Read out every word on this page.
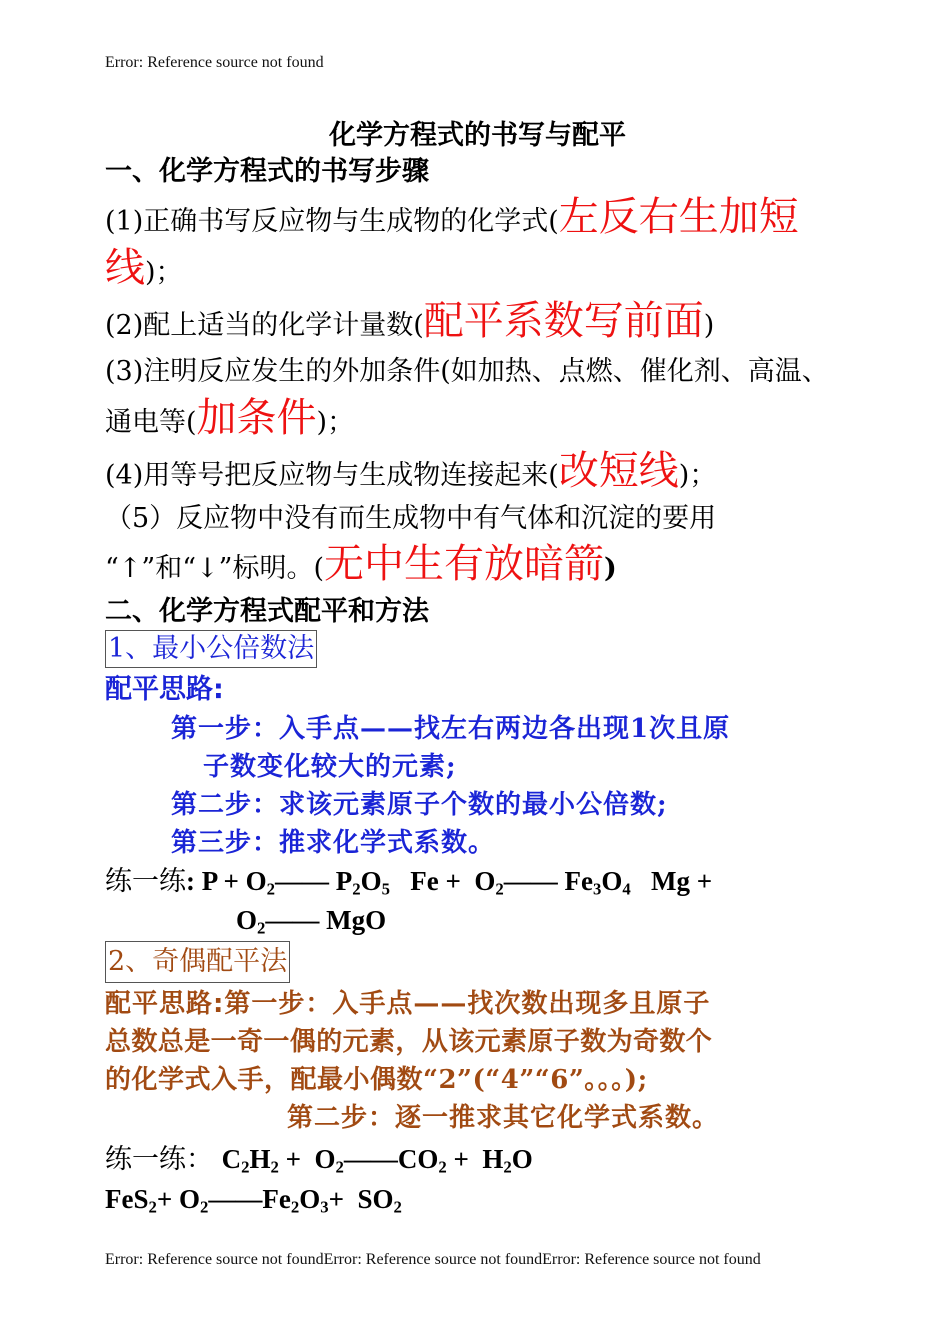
Error: Reference source not found
化学方程式的书写与配平
一、化学方程式的书写步骤
(1)正确书写反应物与生成物的化学式(左反右生加短线)；
(2)配上适当的化学计量数(配平系数写前面)
(3)注明反应发生的外加条件(如加热、点燃、催化剂、高温、通电等(加条件)；
(4)用等号把反应物与生成物连接起来(改短线)；
（5）反应物中没有而生成物中有气体和沉淀的要用
“↑”和“↓”标明。(无中生有放暗箭)
二、化学方程式配平和方法
1、最小公倍数法
配平思路:
第一步：入手点——找左右两边各出现1次且原
子数变化较大的元素;
第二步：求该元素原子个数的最小公倍数;
第三步：推求化学式系数。
练一练: $P + O_2——$ $P_2O_5$   $Fe + O_2——$ $Fe_3O_4$   Mg +
$O_2——$ MgO
2、奇偶配平法
配平思路:第一步：入手点——找次数出现多且原子
总数总是一奇一偶的元素，从该元素原子数为奇数个
的化学式入手，配最小偶数“2”(“4”“6”。。。);
第二步：逐一推求其它化学式系数。
练一练： $C_2H_2$ +  $O_2——CO_2 + H_2O$
$FeS_2+ O_2——Fe_2O_3+ SO_2$
Error: Reference source not foundError: Reference source not foundError: Reference source not found
